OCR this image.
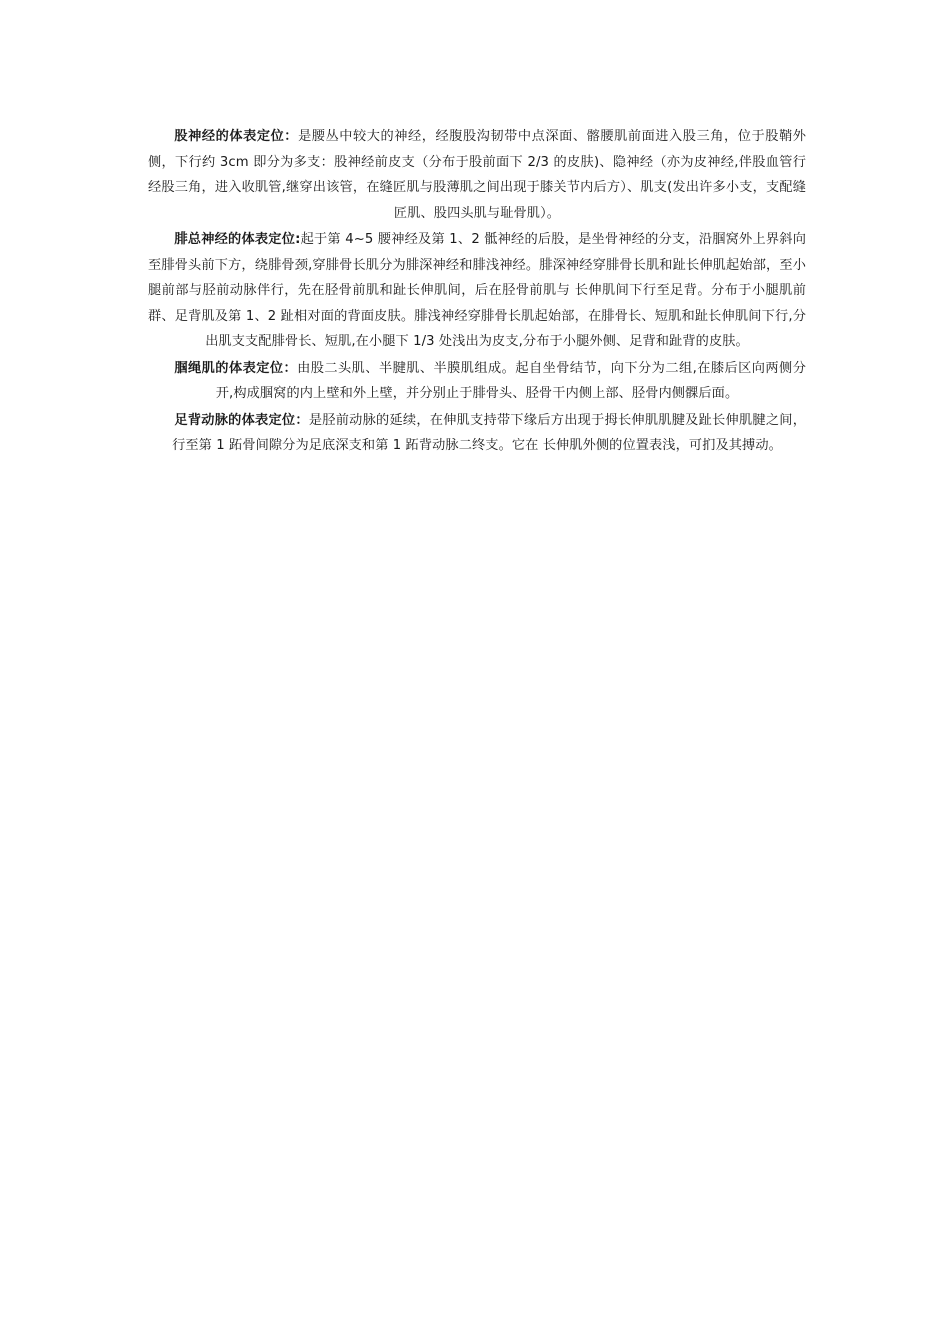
股神经的体表定位：是腰丛中较大的神经，经腹股沟韧带中点深面、髂腰肌前面进入股三角，位于股鞘外侧，下行约 3cm 即分为多支：股神经前皮支（分布于股前面下 2/3 的皮肤)、隐神经（亦为皮神经,伴股血管行经股三角，进入收肌管,继穿出该管，在缝匠肌与股薄肌之间出现于膝关节内后方）、肌支(发出许多小支，支配缝匠肌、股四头肌与耻骨肌）。

腓总神经的体表定位:起于第 4~5 腰神经及第 1、2 骶神经的后股，是坐骨神经的分支，沿腘窝外上界斜向至腓骨头前下方，绕腓骨颈,穿腓骨长肌分为腓深神经和腓浅神经。腓深神经穿腓骨长肌和趾长伸肌起始部，至小腿前部与胫前动脉伴行，先在胫骨前肌和趾长伸肌间，后在胫骨前肌与 长伸肌间下行至足背。分布于小腿肌前群、足背肌及第 1、2 趾相对面的背面皮肤。腓浅神经穿腓骨长肌起始部，在腓骨长、短肌和趾长伸肌间下行,分出肌支支配腓骨长、短肌,在小腿下 1/3 处浅出为皮支,分布于小腿外侧、足背和趾背的皮肤。

腘绳肌的体表定位：由股二头肌、半腱肌、半膜肌组成。起自坐骨结节，向下分为二组,在膝后区向两侧分开,构成腘窝的内上壁和外上壁，并分别止于腓骨头、胫骨干内侧上部、胫骨内侧髁后面。

足背动脉的体表定位：是胫前动脉的延续，在伸肌支持带下缘后方出现于拇长伸肌肌腱及趾长伸肌腱之间，行至第 1 跖骨间隙分为足底深支和第 1 跖背动脉二终支。它在 长伸肌外侧的位置表浅，可扪及其搏动。
